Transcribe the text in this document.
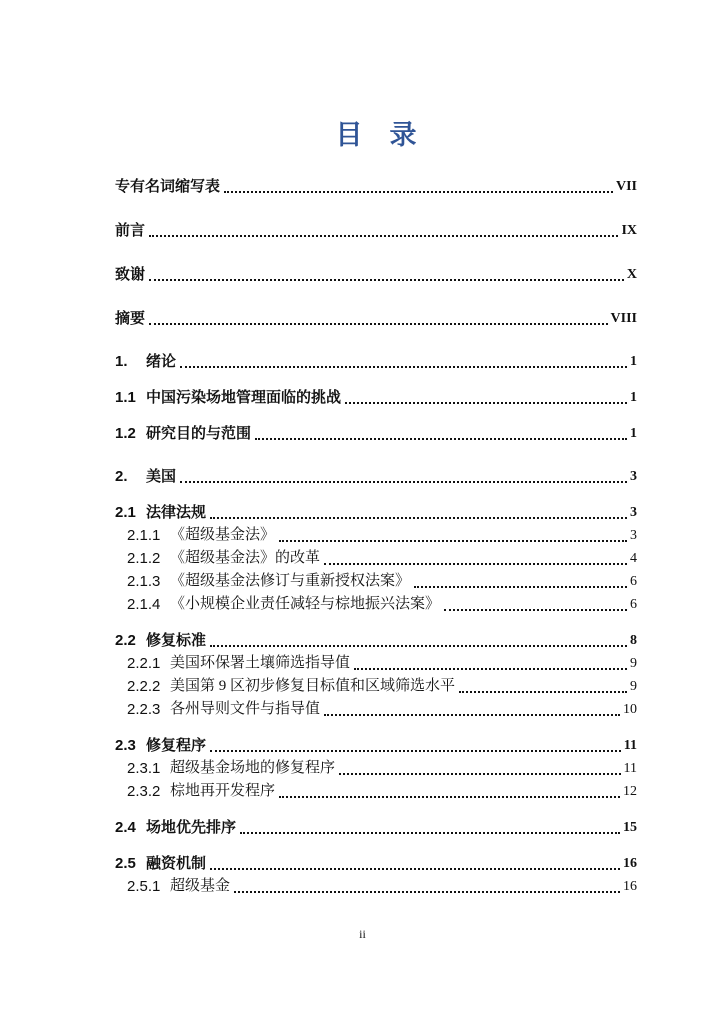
目　录
专有名词缩写表	VII
前言	IX
致谢	X
摘要	VIII
1.	绪论	1
1.1 中国污染场地管理面临的挑战	1
1.2 研究目的与范围	1
2.	美国	3
2.1 法律法规	3
2.1.1 《超级基金法》	3
2.1.2 《超级基金法》的改革	4
2.1.3 《超级基金法修订与重新授权法案》	6
2.1.4 《小规模企业责任减轻与棕地振兴法案》	6
2.2 修复标准	8
2.2.1 美国环保署土壤筛选指导值	9
2.2.2 美国第 9 区初步修复目标值和区域筛选水平	9
2.2.3 各州导则文件与指导值	10
2.3 修复程序	11
2.3.1 超级基金场地的修复程序	11
2.3.2 棕地再开发程序	12
2.4 场地优先排序	15
2.5 融资机制	16
2.5.1 超级基金	16
ii
